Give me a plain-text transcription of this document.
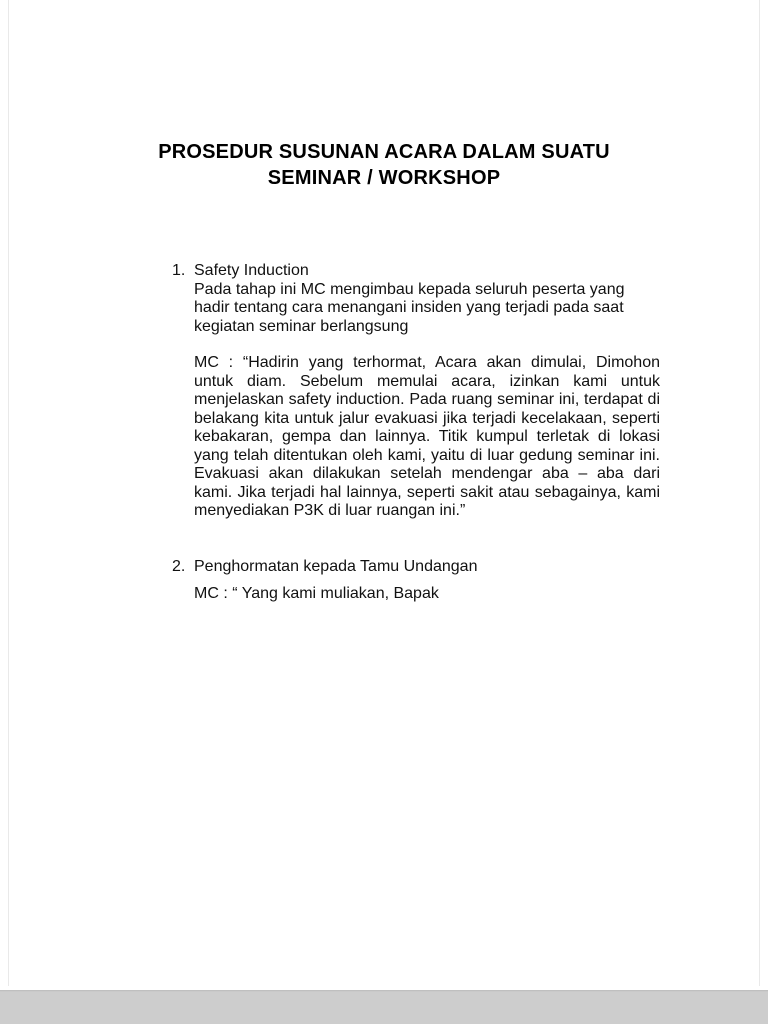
PROSEDUR SUSUNAN ACARA DALAM SUATU SEMINAR / WORKSHOP
1. Safety Induction
Pada tahap ini MC mengimbau kepada seluruh peserta yang hadir tentang cara menangani insiden yang terjadi pada saat kegiatan seminar berlangsung
MC : “Hadirin yang terhormat, Acara akan dimulai, Dimohon untuk diam. Sebelum memulai acara, izinkan kami untuk menjelaskan safety induction. Pada ruang seminar ini, terdapat di belakang kita untuk jalur evakuasi jika terjadi kecelakaan, seperti kebakaran, gempa dan lainnya. Titik kumpul terletak di lokasi yang telah ditentukan oleh kami, yaitu di luar gedung seminar ini. Evakuasi akan dilakukan setelah mendengar aba – aba dari kami. Jika terjadi hal lainnya, seperti sakit atau sebagainya, kami menyediakan P3K di luar ruangan ini.”
2. Penghormatan kepada Tamu Undangan
MC : “ Yang kami muliakan, Bapak
